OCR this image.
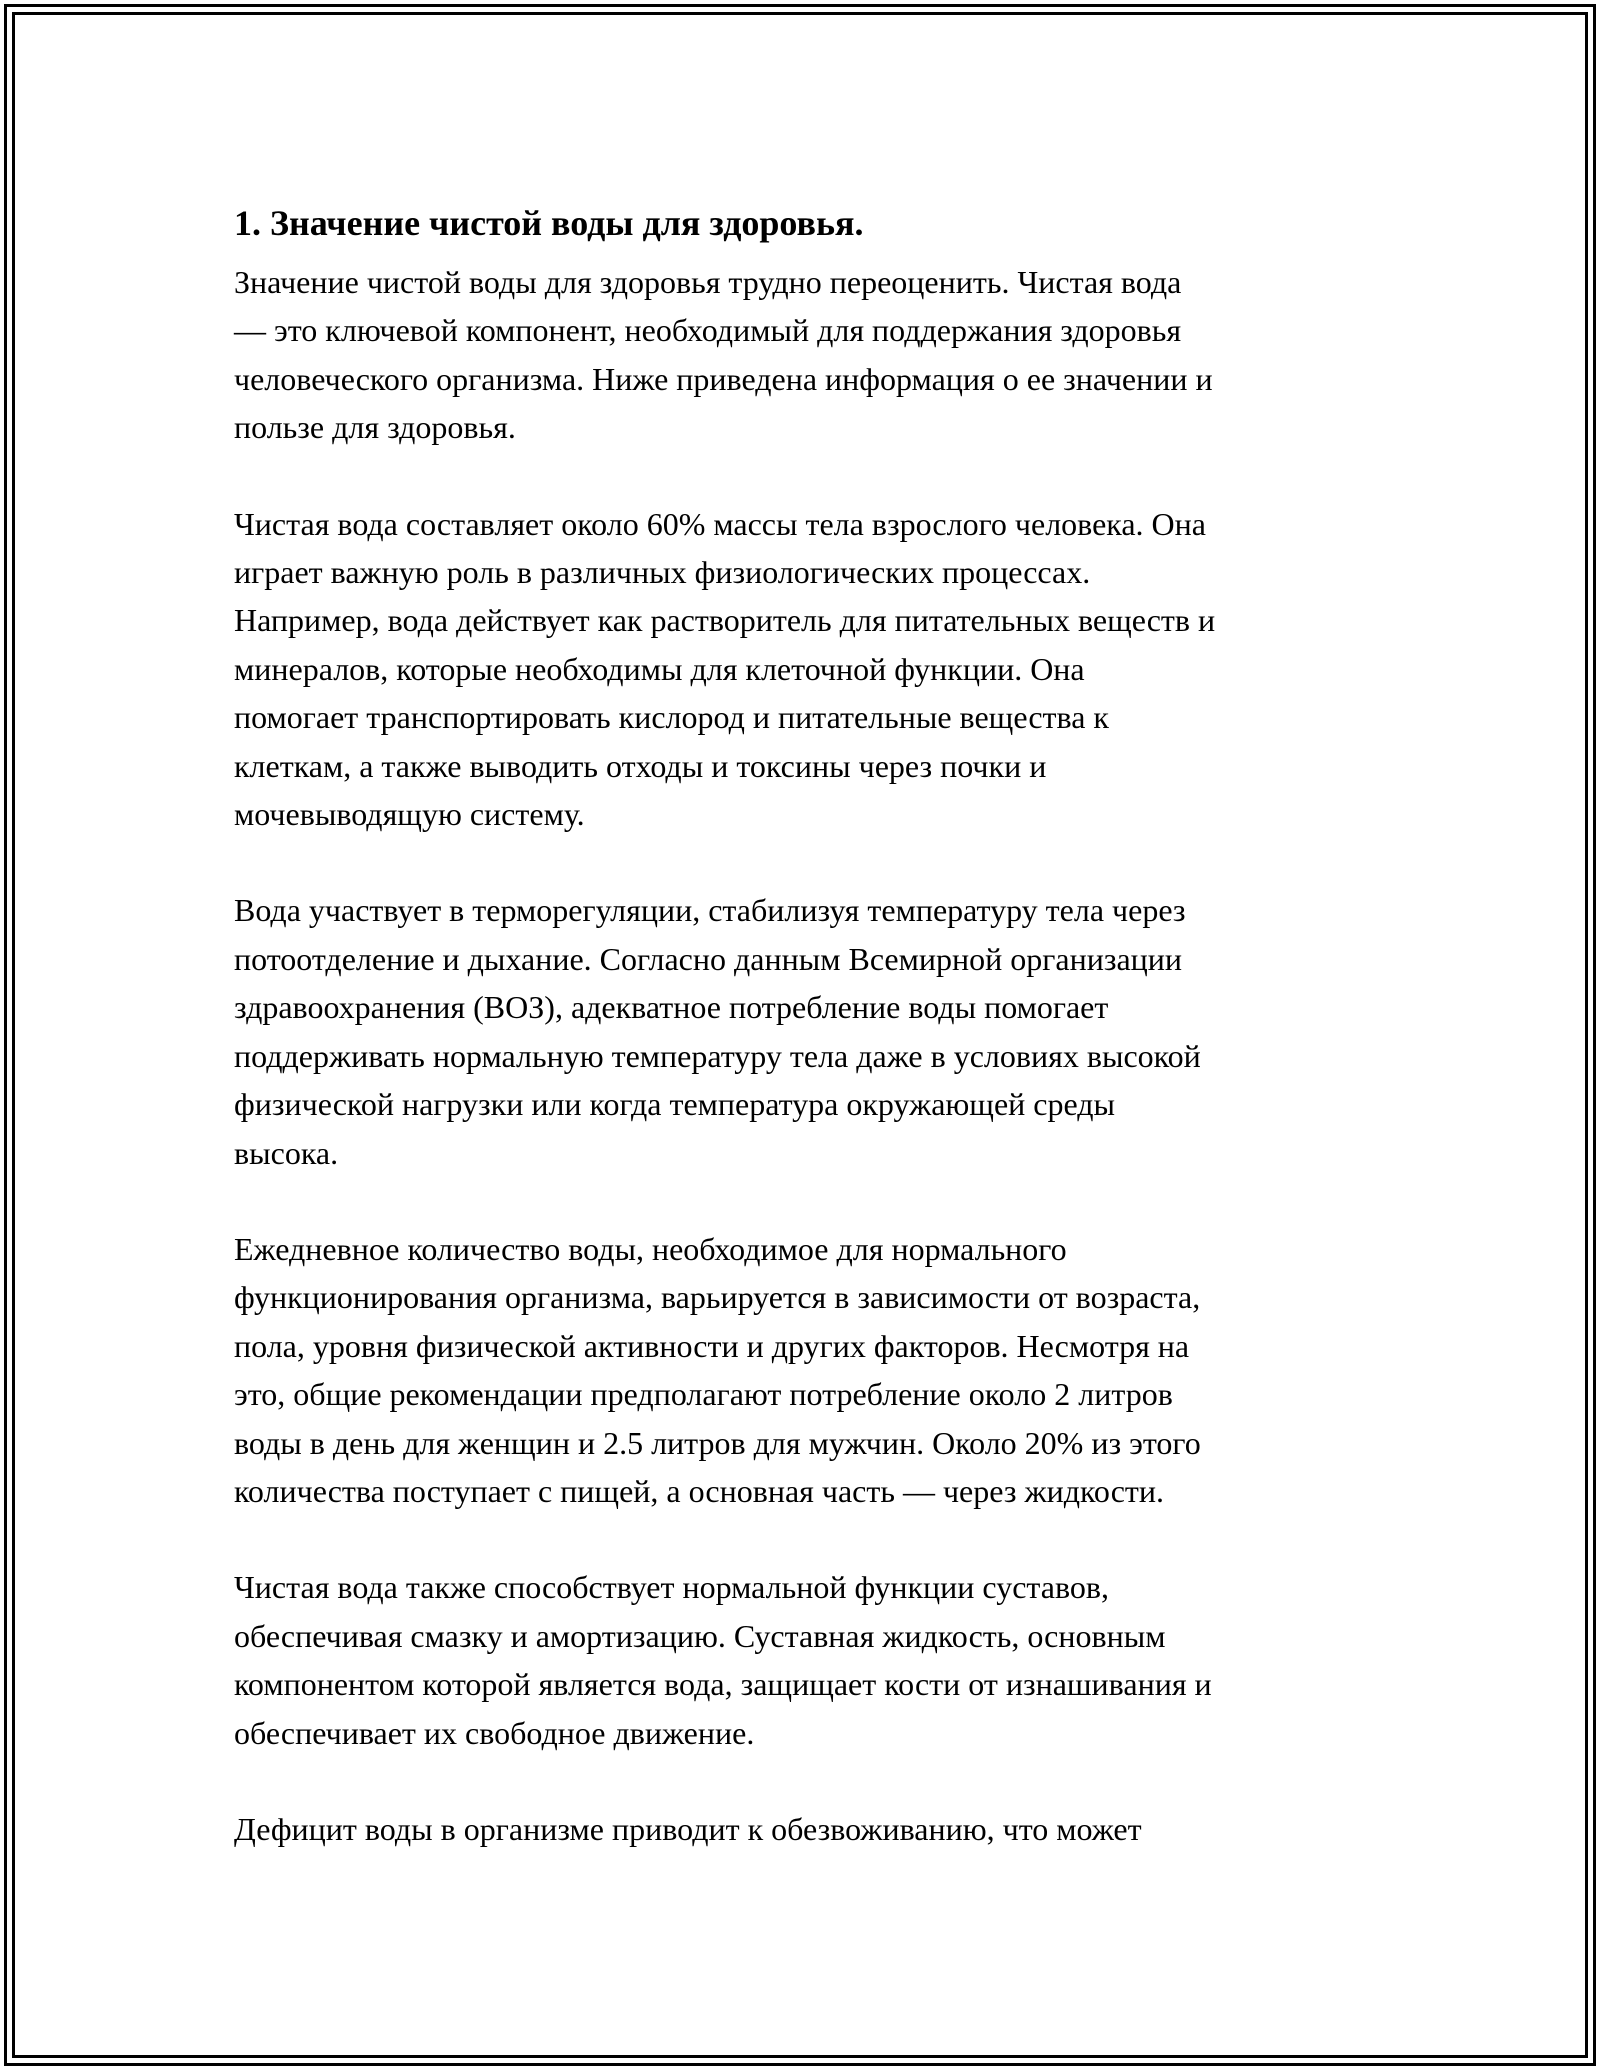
1. Значение чистой воды для здоровья.

Значение чистой воды для здоровья трудно переоценить. Чистая вода
— это ключевой компонент, необходимый для поддержания здоровья
человеческого организма. Ниже приведена информация о ее значении и
пользе для здоровья.

Чистая вода составляет около 60% массы тела взрослого человека. Она
играет важную роль в различных физиологических процессах.
Например, вода действует как растворитель для питательных веществ и
минералов, которые необходимы для клеточной функции. Она
помогает транспортировать кислород и питательные вещества к
клеткам, а также выводить отходы и токсины через почки и
мочевыводящую систему.

Вода участвует в терморегуляции, стабилизуя температуру тела через
потоотделение и дыхание. Согласно данным Всемирной организации
здравоохранения (ВОЗ), адекватное потребление воды помогает
поддерживать нормальную температуру тела даже в условиях высокой
физической нагрузки или когда температура окружающей среды
высока.

Ежедневное количество воды, необходимое для нормального
функционирования организма, варьируется в зависимости от возраста,
пола, уровня физической активности и других факторов. Несмотря на
это, общие рекомендации предполагают потребление около 2 литров
воды в день для женщин и 2.5 литров для мужчин. Около 20% из этого
количества поступает с пищей, а основная часть — через жидкости.

Чистая вода также способствует нормальной функции суставов,
обеспечивая смазку и амортизацию. Суставная жидкость, основным
компонентом которой является вода, защищает кости от изнашивания и
обеспечивает их свободное движение.

Дефицит воды в организме приводит к обезвоживанию, что может
